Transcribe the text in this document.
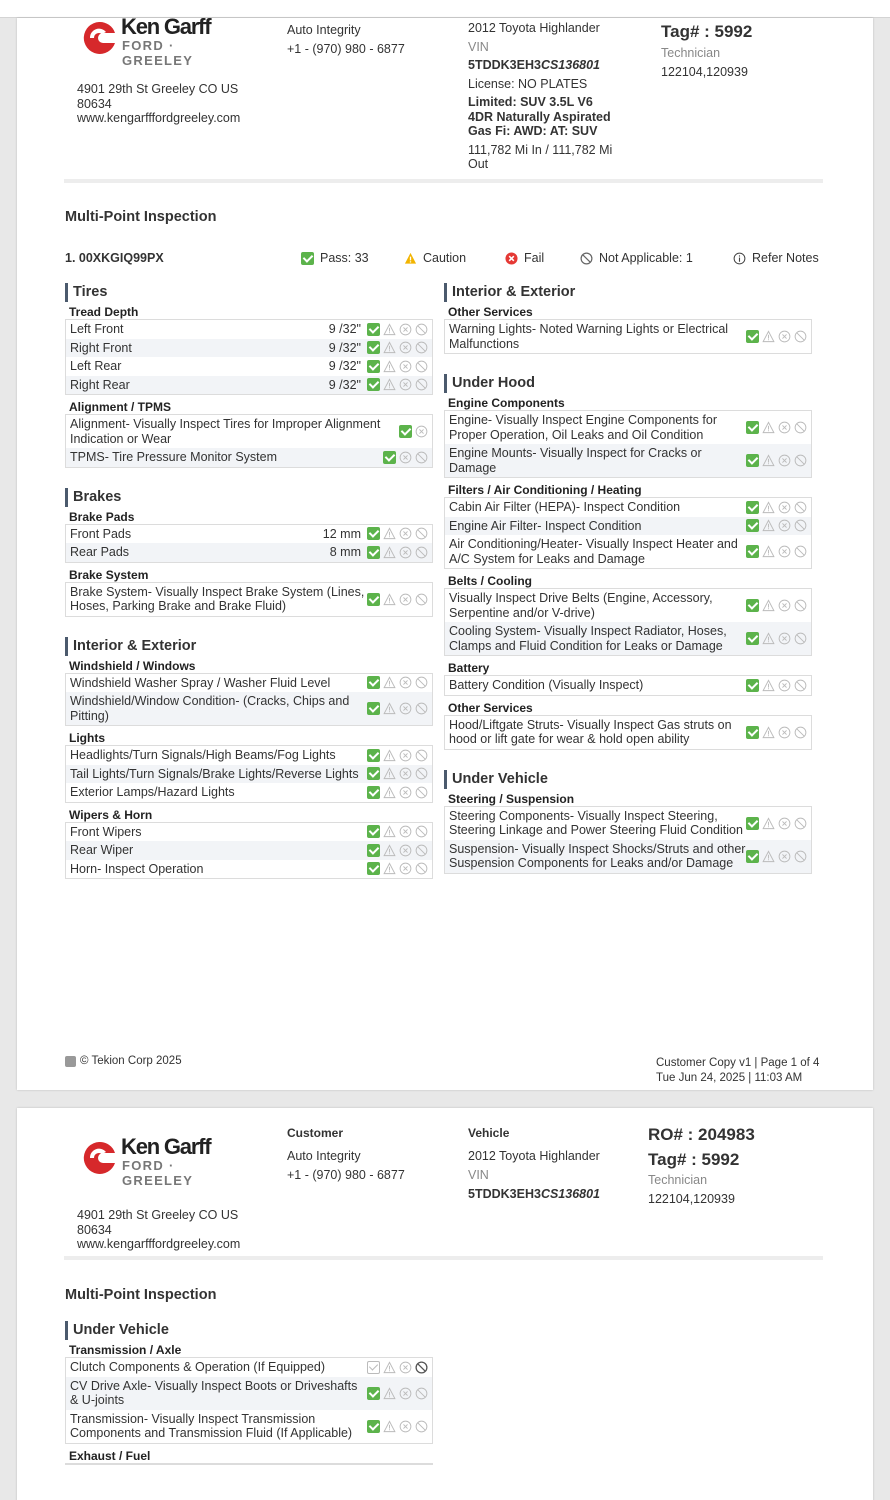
Ken Garff
FORD · GREELEY
4901 29th St Greeley CO US
80634
www.kengarfffordgreeley.com
Auto Integrity
+1 - (970) 980 - 6877
2012 Toyota Highlander
VIN
5TDDK3EH3CS136801
License: NO PLATES
Limited: SUV 3.5L V6
4DR Naturally Aspirated
Gas Fi: AWD: AT: SUV
111,782 Mi In / 111,782 Mi
Out
Tag# : 5992
Technician
122104,120939
Multi-Point Inspection
1. 00XKGIQ99PX	Pass: 33	Caution	Fail	Not Applicable: 1	Refer Notes
Tires
Tread Depth
Left Front	9 /32"
Right Front	9 /32"
Left Rear	9 /32"
Right Rear	9 /32"
Alignment / TPMS
Alignment- Visually Inspect Tires for Improper Alignment Indication or Wear
TPMS- Tire Pressure Monitor System
Brakes
Brake Pads
Front Pads	12 mm
Rear Pads	8 mm
Brake System
Brake System- Visually Inspect Brake System (Lines, Hoses, Parking Brake and Brake Fluid)
Interior & Exterior
Windshield / Windows
Windshield Washer Spray / Washer Fluid Level
Windshield/Window Condition- (Cracks, Chips and Pitting)
Lights
Headlights/Turn Signals/High Beams/Fog Lights
Tail Lights/Turn Signals/Brake Lights/Reverse Lights
Exterior Lamps/Hazard Lights
Wipers & Horn
Front Wipers
Rear Wiper
Horn- Inspect Operation
Interior & Exterior
Other Services
Warning Lights- Noted Warning Lights or Electrical Malfunctions
Under Hood
Engine Components
Engine- Visually Inspect Engine Components for Proper Operation, Oil Leaks and Oil Condition
Engine Mounts- Visually Inspect for Cracks or Damage
Filters / Air Conditioning / Heating
Cabin Air Filter (HEPA)- Inspect Condition
Engine Air Filter- Inspect Condition
Air Conditioning/Heater- Visually Inspect Heater and A/C System for Leaks and Damage
Belts / Cooling
Visually Inspect Drive Belts (Engine, Accessory, Serpentine and/or V-drive)
Cooling System- Visually Inspect Radiator, Hoses, Clamps and Fluid Condition for Leaks or Damage
Battery
Battery Condition (Visually Inspect)
Other Services
Hood/Liftgate Struts- Visually Inspect Gas struts on hood or lift gate for wear & hold open ability
Under Vehicle
Steering / Suspension
Steering Components- Visually Inspect Steering, Steering Linkage and Power Steering Fluid Condition
Suspension- Visually Inspect Shocks/Struts and other Suspension Components for Leaks and/or Damage
© Tekion Corp 2025	Customer Copy v1 | Page 1 of 4
Tue Jun 24, 2025 | 11:03 AM
Ken Garff
FORD · GREELEY
4901 29th St Greeley CO US
80634
www.kengarfffordgreeley.com
Customer
Auto Integrity
+1 - (970) 980 - 6877
Vehicle
2012 Toyota Highlander
VIN
5TDDK3EH3CS136801
RO# : 204983
Tag# : 5992
Technician
122104,120939
Multi-Point Inspection
Under Vehicle
Transmission / Axle
Clutch Components & Operation (If Equipped)
CV Drive Axle- Visually Inspect Boots or Driveshafts & U-joints
Transmission- Visually Inspect Transmission Components and Transmission Fluid (If Applicable)
Exhaust / Fuel
